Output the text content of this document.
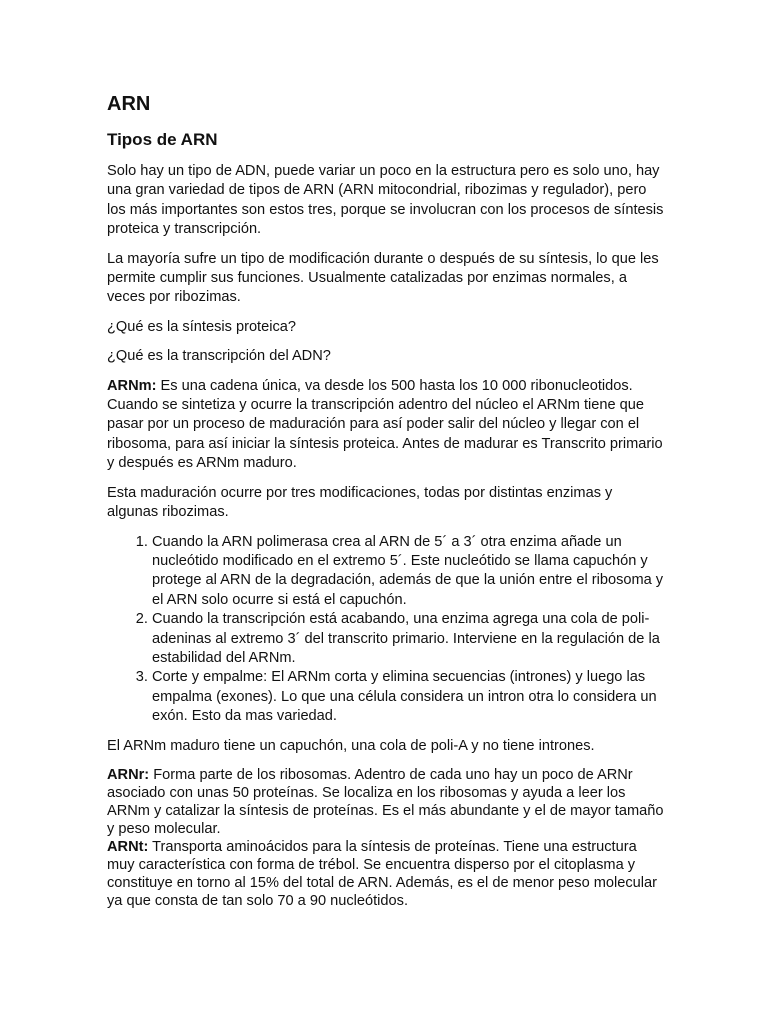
ARN
Tipos de ARN

Solo hay un tipo de ADN, puede variar un poco en la estructura pero es solo uno, hay una gran variedad de tipos de ARN (ARN mitocondrial, ribozimas y regulador), pero los más importantes son estos tres, porque se involucran con los procesos de síntesis proteica y transcripción.

La mayoría sufre un tipo de modificación durante o después de su síntesis, lo que les permite cumplir sus funciones. Usualmente catalizadas por enzimas normales, a veces por ribozimas.

¿Qué es la síntesis proteica?

¿Qué es la transcripción del ADN?

ARNm: Es una cadena única, va desde los 500 hasta los 10 000 ribonucleotidos. Cuando se sintetiza y ocurre la transcripción adentro del núcleo el ARNm tiene que pasar por un proceso de maduración para así poder salir del núcleo y llegar con el ribosoma, para así iniciar la síntesis proteica. Antes de madurar es Transcrito primario y después es ARNm maduro.

Esta maduración ocurre por tres modificaciones, todas por distintas enzimas y algunas ribozimas.

1. Cuando la ARN polimerasa crea al ARN de 5´ a 3´ otra enzima añade un nucleótido modificado en el extremo 5´. Este nucleótido se llama capuchón y protege al ARN de la degradación, además de que la unión entre el ribosoma y el ARN solo ocurre si está el capuchón.
2. Cuando la transcripción está acabando, una enzima agrega una cola de poli-adeninas al extremo 3´ del transcrito primario. Interviene en la regulación de la estabilidad del ARNm.
3. Corte y empalme: El ARNm corta y elimina secuencias (intrones) y luego las empalma (exones). Lo que una célula considera un intron otra lo considera un exón. Esto da mas variedad.

El ARNm maduro tiene un capuchón, una cola de poli-A y no tiene intrones.

ARNr: Forma parte de los ribosomas. Adentro de cada uno hay un poco de ARNr asociado con unas 50 proteínas. Se localiza en los ribosomas y ayuda a leer los ARNm y catalizar la síntesis de proteínas. Es el más abundante y el de mayor tamaño y peso molecular.

ARNt: Transporta aminoácidos para la síntesis de proteínas. Tiene una estructura muy característica con forma de trébol. Se encuentra disperso por el citoplasma y constituye en torno al 15% del total de ARN. Además, es el de menor peso molecular ya que consta de tan solo 70 a 90 nucleótidos.
